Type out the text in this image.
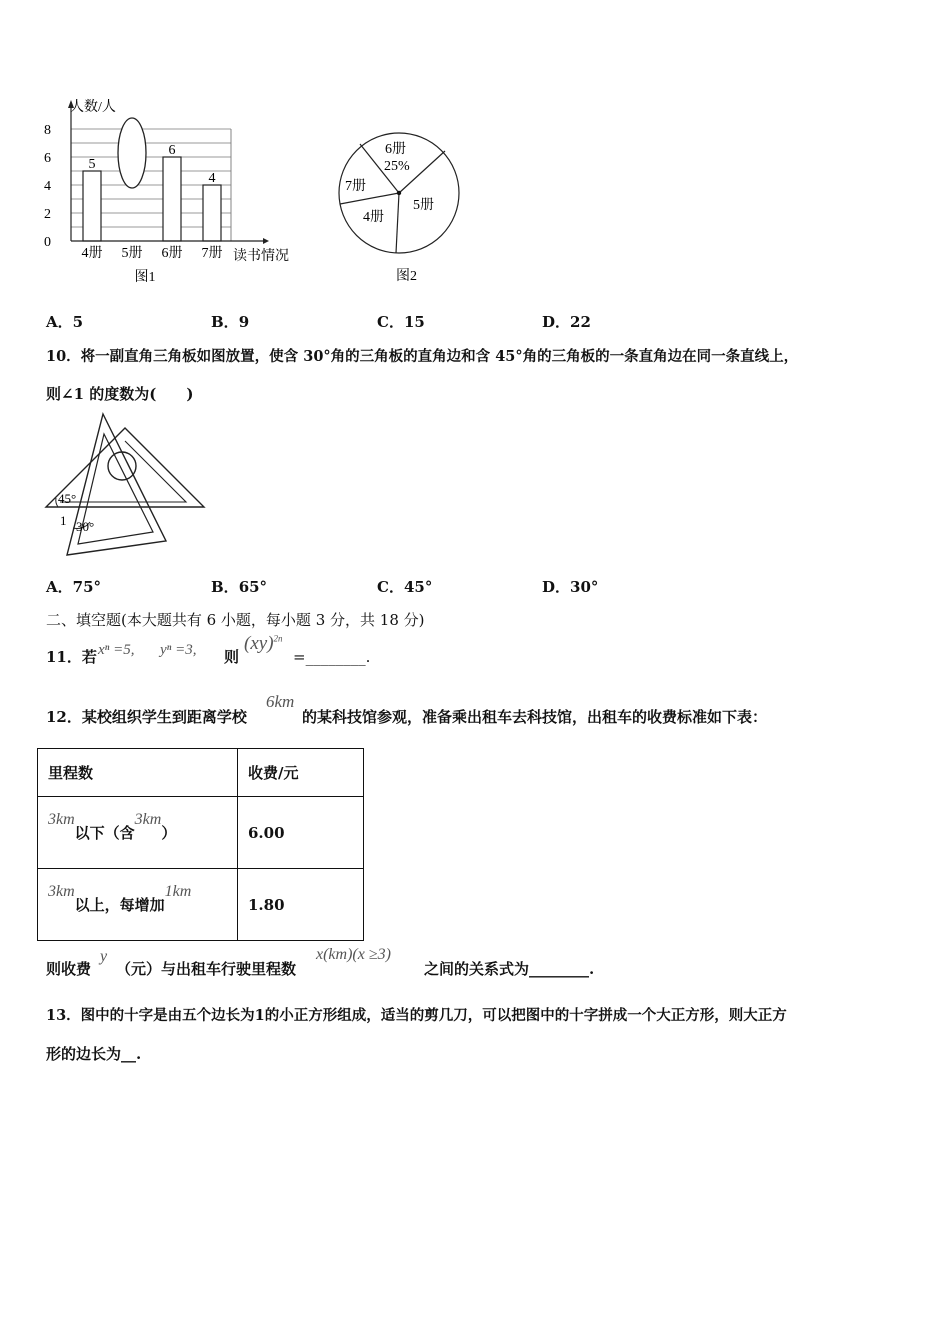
5
4册 5册
6
6册
4
7册
0
2
4
6
8
人数/人
读书情况
图1
6册
25%
7册
5册
4册
图2
A．5	B．9	C．15	D．22
10．将一副直角三角板如图放置，使含 30°角的三角板的直角边和含 45°角的三角板的一条直角边在同一条直线上，
则∠1 的度数为(　　)
45°
1 30°
A．75°	B．65°	C．45°	D．30°
二、填空题(本大题共有 6 小题，每小题 3 分，共 18 分)
11．若 xⁿ =5, yⁿ =3, 则
(xy)$^{2n}$
=________.
12．某校组织学生到距离学校
6km
的某科技馆参观，准备乘出租车去科技馆，出租车的收费标准如下表：
里程数	收费/元
3km以下（含3km）	6.00
3km以上，每增加1km	1.80
则收费
y
（元）与出租车行驶里程数
x(km)(x ≥3)
之间的关系式为________.
13．图中的十字是由五个边长为1的小正方形组成，适当的剪几刀，可以把图中的十字拼成一个大正方形，则大正方
形的边长为__.
